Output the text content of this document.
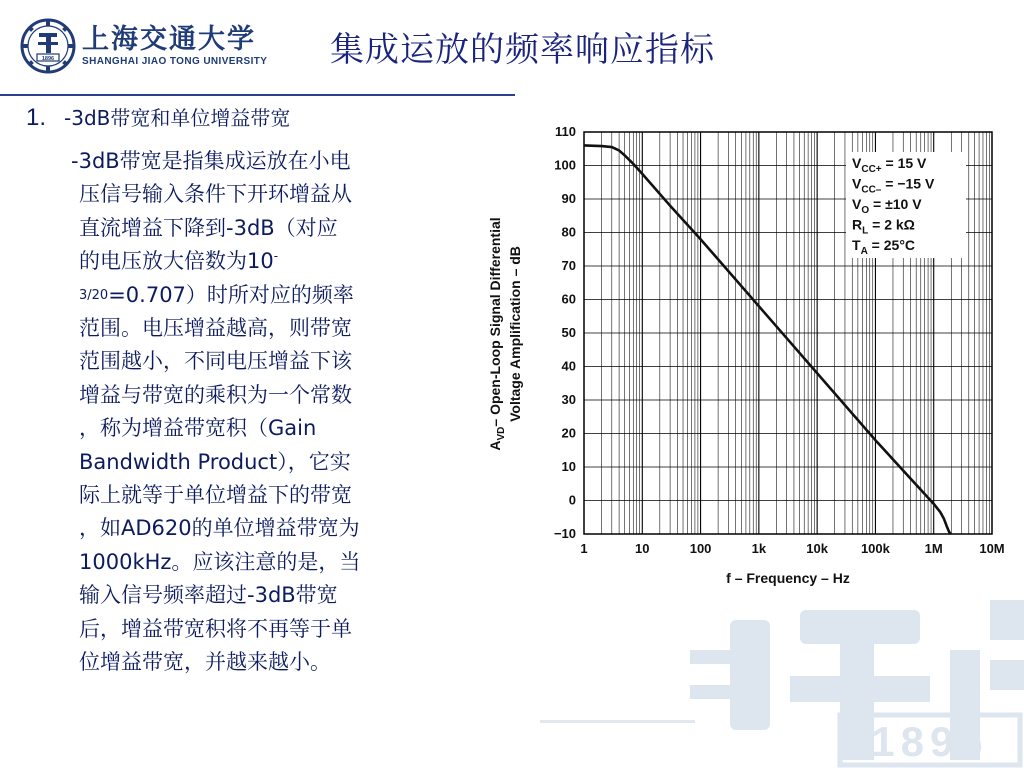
1896
上海交通大学
SHANGHAI JIAO TONG UNIVERSITY 集成运放的频率响应指标
1. -3dB带宽和单位增益带宽
-3dB带宽是指集成运放在小电
压信号输入条件下开环增益从
直流增益下降到-3dB（对应
的电压放大倍数为10-
$^{3/20}$=0.707）时所对应的频率
范围。电压增益越高，则带宽
范围越小，不同电压增益下该
增益与带宽的乘积为一个常数
，称为增益带宽积（Gain
Bandwidth Product），它实
际上就等于单位增益下的带宽
，如AD620的单位增益带宽为
1000kHz。应该注意的是，当
输入信号频率超过-3dB带宽
后，增益带宽积将不再等于单
位增益带宽，并越来越小。
1896
−10
0
10
20
30
40
50
60
70
80
90
100
110
1	10	100	1k	10k	100k	1M	10M
$V_{CC+} = 15$ V
$V_{CC-} = -15$ V
$V_O = \pm 10$ V
$R_L = 2$ kΩ
$T_A = 25^\circ C$
f – Frequency – Hz
$A_{VD}-$ Open-Loop Signal Differential Voltage Amplification – dB
